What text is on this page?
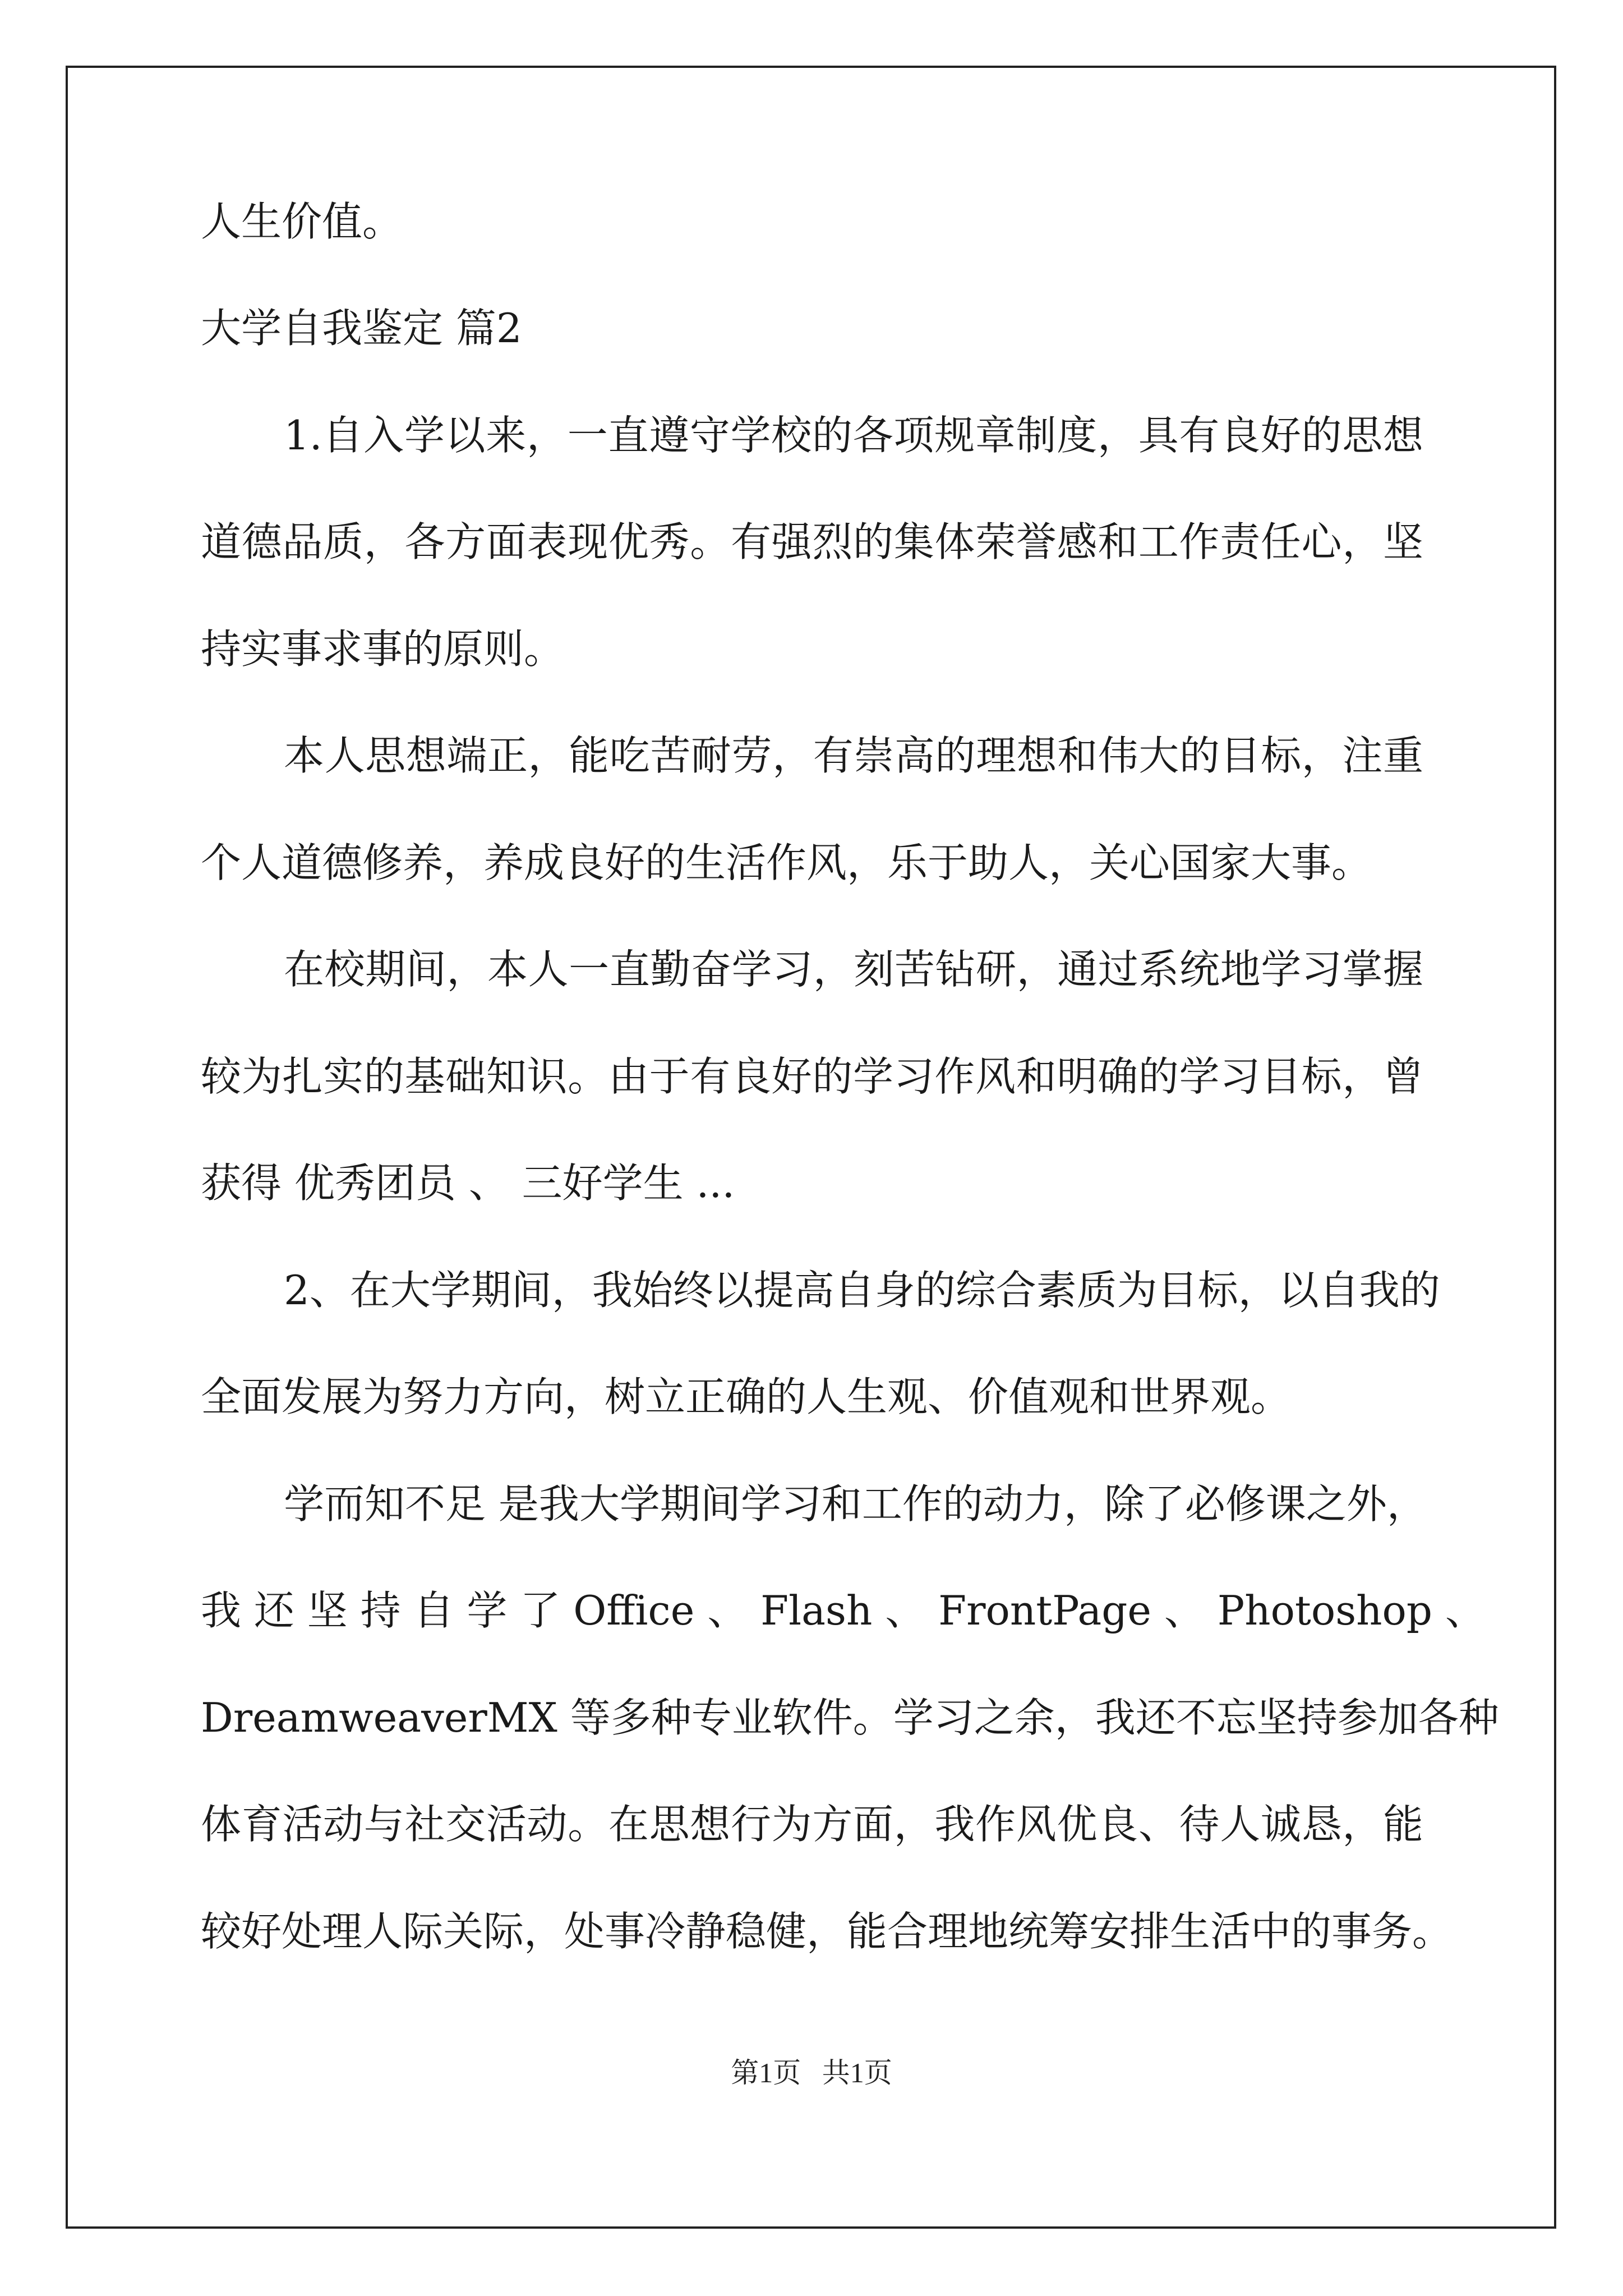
人生价值。
大学自我鉴定 篇2
1.自入学以来，一直遵守学校的各项规章制度，具有良好的思想
道德品质，各方面表现优秀。有强烈的集体荣誉感和工作责任心，坚
持实事求事的原则。
本人思想端正，能吃苦耐劳，有崇高的理想和伟大的目标，注重
个人道德修养，养成良好的生活作风，乐于助人，关心国家大事。
在校期间，本人一直勤奋学习，刻苦钻研，通过系统地学习掌握
较为扎实的基础知识。由于有良好的学习作风和明确的学习目标，曾
获得 优秀团员 、 三好学生 ...
2、在大学期间，我始终以提高自身的综合素质为目标，以自我的
全面发展为努力方向，树立正确的人生观、价值观和世界观。
学而知不足 是我大学期间学习和工作的动力，除了必修课之外，
我 还 坚 持 自 学 了 Office 、 Flash 、 FrontPage 、 Photoshop 、
DreamweaverMX 等多种专业软件。学习之余，我还不忘坚持参加各种
体育活动与社交活动。在思想行为方面，我作风优良、待人诚恳，能
较好处理人际关际，处事冷静稳健，能合理地统筹安排生活中的事务。
第1页   共1页
